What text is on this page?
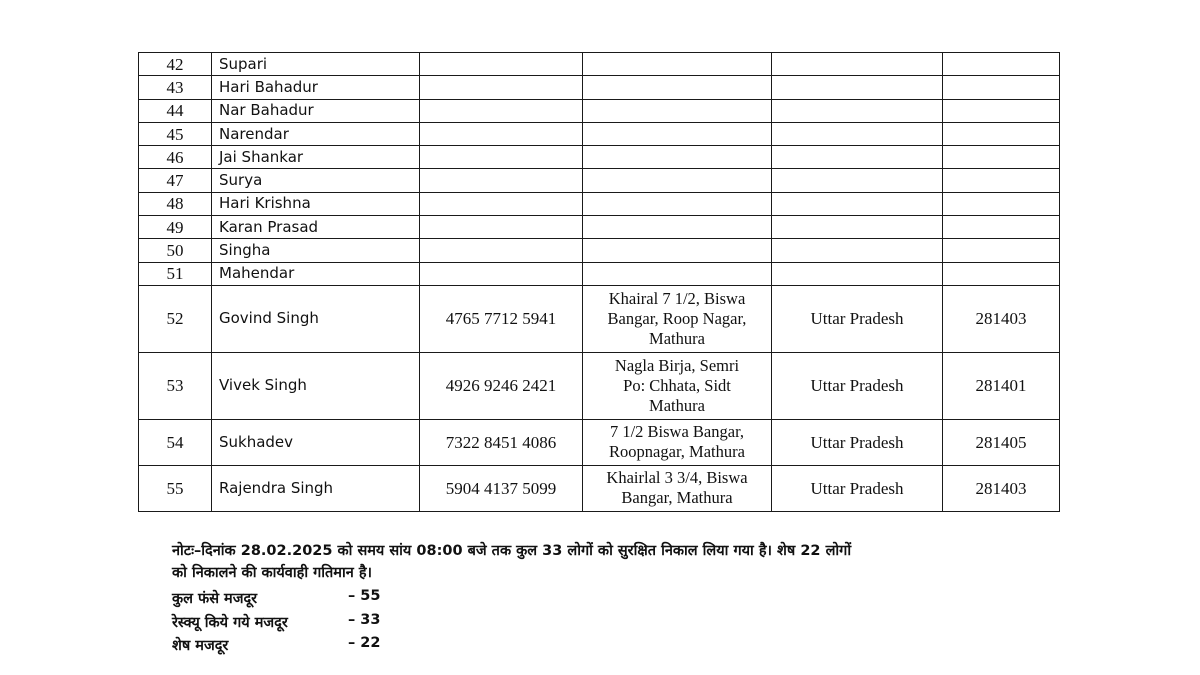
42	Supari				
43	Hari Bahadur				
44	Nar Bahadur				
45	Narendar				
46	Jai Shankar				
47	Surya				
48	Hari Krishna				
49	Karan Prasad				
50	Singha				
51	Mahendar				
52	Govind Singh	4765 7712 5941	Khairal 7 1/2, Biswa
Bangar, Roop Nagar,
Mathura	Uttar Pradesh	281403
53	Vivek Singh	4926 9246 2421	Nagla Birja, Semri
Po: Chhata, Sidt
Mathura	Uttar Pradesh	281401
54	Sukhadev	7322 8451 4086	7 1/2 Biswa Bangar,
Roopnagar, Mathura	Uttar Pradesh	281405
55	Rajendra Singh	5904 4137 5099	Khairlal 3 3/4, Biswa
Bangar, Mathura	Uttar Pradesh	281403
नोटः–दिनांक 28.02.2025 को समय सांय 08:00 बजे तक कुल 33 लोगों को सुरक्षित निकाल लिया गया है। शेष 22 लोगों
को निकालने की कार्यवाही गतिमान है।
कुल फंसे मजदूर	– 55
रेस्क्यू किये गये मजदूर	– 33
शेष मजदूर	– 22
